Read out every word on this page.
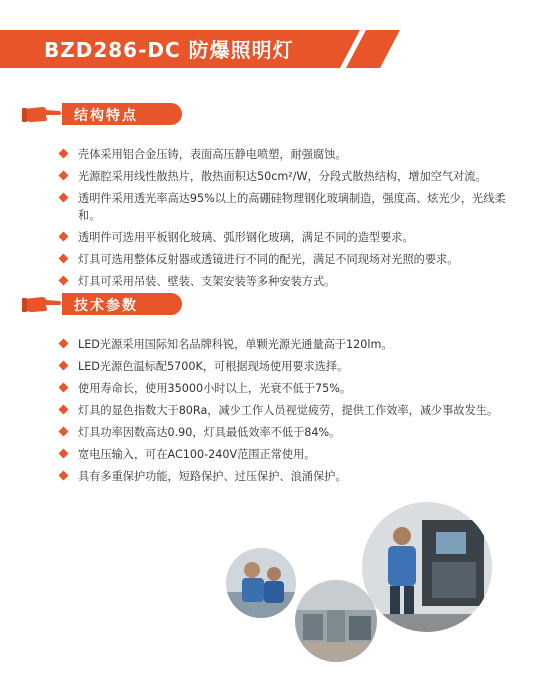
BZD286-DC 防爆照明灯
结构特点
壳体采用铝合金压铸，表面高压静电喷塑，耐强腐蚀。
光源腔采用线性散热片，散热面积达50cm²/W，分段式散热结构，增加空气对流。
透明件采用透光率高达95%以上的高硼硅物理钢化玻璃制造，强度高、炫光少，光线柔和。
透明件可选用平板钢化玻璃、弧形钢化玻璃，满足不同的造型要求。
灯具可选用整体反射器或透镜进行不同的配光，满足不同现场对光照的要求。
灯具可采用吊装、壁装、支架安装等多种安装方式。
技术参数
LED光源采用国际知名品牌科锐，单颗光源光通量高于120lm。
LED光源色温标配5700K，可根据现场使用要求选择。
使用寿命长，使用35000小时以上，光衰不低于75%。
灯具的显色指数大于80Ra，减少工作人员视觉疲劳，提供工作效率，减少事故发生。
灯具功率因数高达0.90，灯具最低效率不低于84%。
宽电压输入，可在AC100-240V范围正常使用。
具有多重保护功能，短路保护、过压保护、浪涌保护。
